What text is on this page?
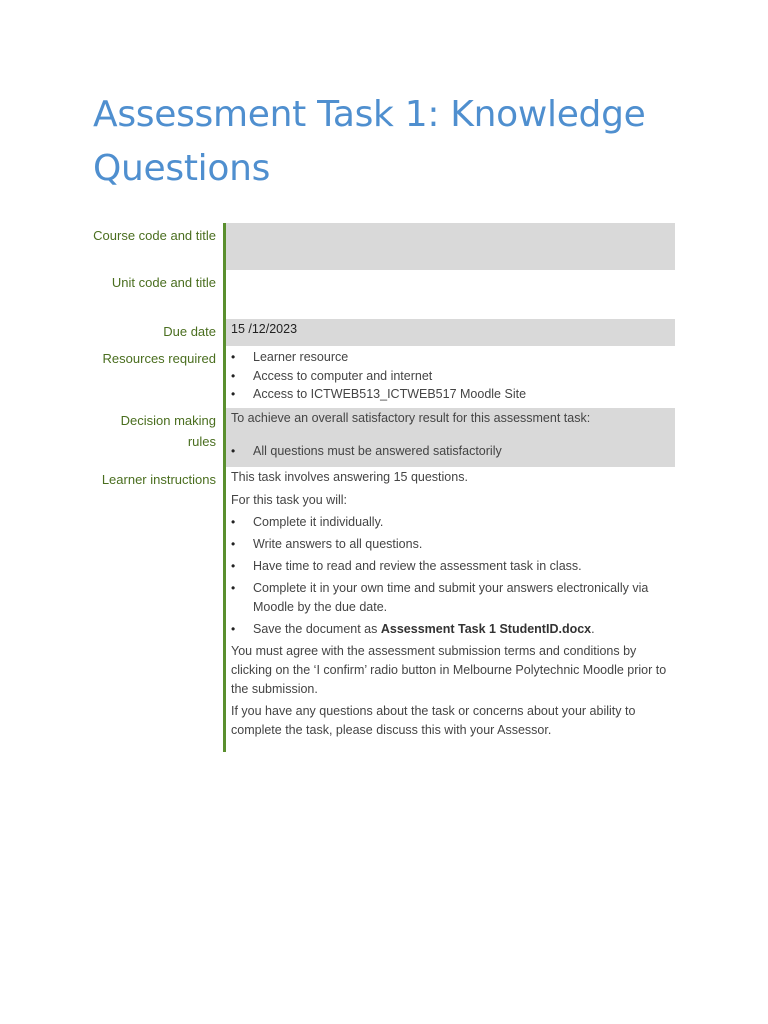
Assessment Task 1: Knowledge Questions
Course code and title
Unit code and title
Due date	15 /12/2023
Resources required
•	Learner resource
• Access to computer and internet
• Access to ICTWEB513_ICTWEB517 Moodle Site
Decision making rules

To achieve an overall satisfactory result for this assessment task:

• All questions must be answered satisfactorily
Learner instructions	This task involves answering 15 questions.

For this task you will:

• Complete it individually.
• Write answers to all questions.
• Have time to read and review the assessment task in class.
• Complete it in your own time and submit your answers electronically via Moodle by the due date.
• Save the document as Assessment Task 1 StudentID.docx.

You must agree with the assessment submission terms and conditions by clicking on the ‘I confirm’ radio button in Melbourne Polytechnic Moodle prior to the submission.

If you have any questions about the task or concerns about your ability to complete the task, please discuss this with your Assessor.
